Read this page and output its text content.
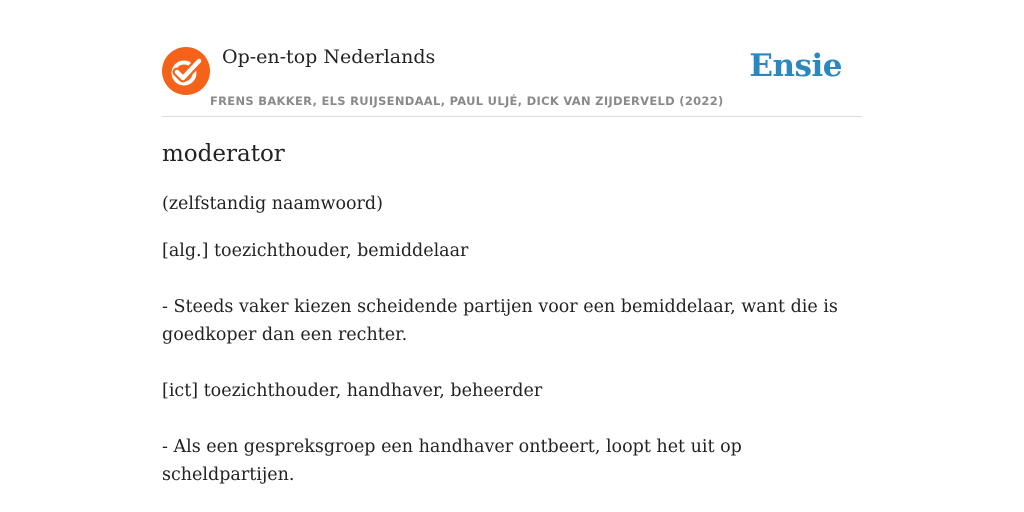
Op-en-top Nederlands
FRENS BAKKER, ELS RUIJSENDAAL, PAUL ULJÉ, DICK VAN ZIJDERVELD (2022)
Ensie
moderator

(zelfstandig naamwoord)

[alg.] toezichthouder, bemiddelaar

- Steeds vaker kiezen scheidende partijen voor een bemiddelaar, want die is goedkoper dan een rechter.

[ict] toezichthouder, handhaver, beheerder

- Als een gespreksgroep een handhaver ontbeert, loopt het uit op scheldpartijen.
